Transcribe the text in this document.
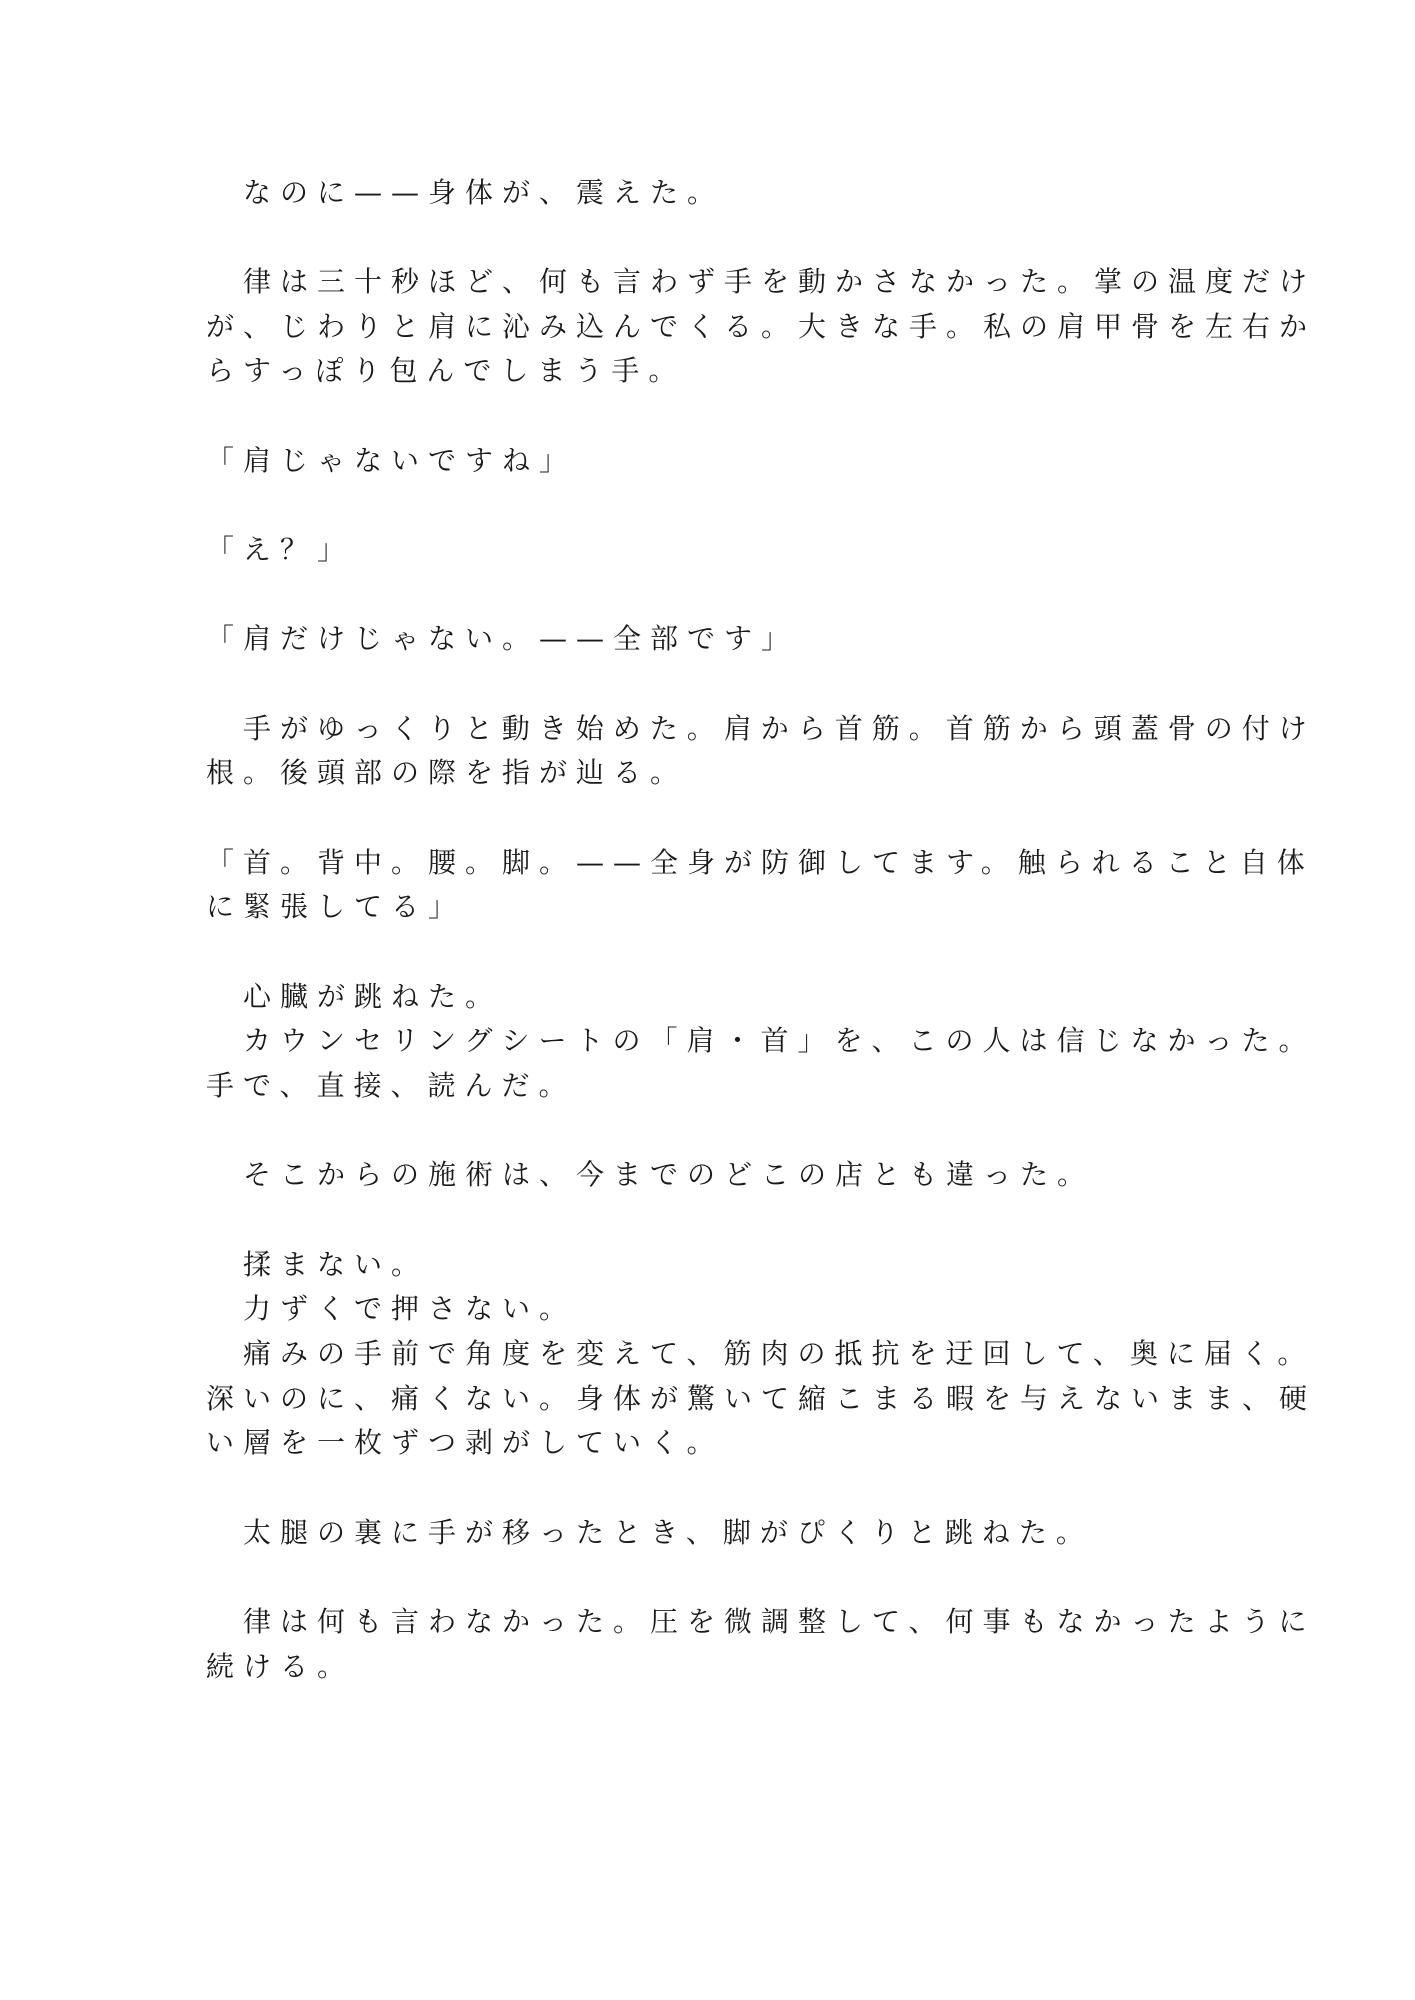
　なのに——身体が、震えた。
　律は三十秒ほど、何も言わず手を動かさなかった。掌の温度だけ
が、じわりと肩に沁み込んでくる。大きな手。私の肩甲骨を左右か
らすっぽり包んでしまう手。
「肩じゃないですね」
「え？」
「肩だけじゃない。——全部です」
　手がゆっくりと動き始めた。肩から首筋。首筋から頭蓋骨の付け
根。後頭部の際を指が辿る。
「首。背中。腰。脚。——全身が防御してます。触られること自体
に緊張してる」
　心臓が跳ねた。
　カウンセリングシートの「肩・首」を、この人は信じなかった。
手で、直接、読んだ。
　そこからの施術は、今までのどこの店とも違った。
　揉まない。
　力ずくで押さない。
　痛みの手前で角度を変えて、筋肉の抵抗を迂回して、奥に届く。
深いのに、痛くない。身体が驚いて縮こまる暇を与えないまま、硬
い層を一枚ずつ剥がしていく。
　太腿の裏に手が移ったとき、脚がぴくりと跳ねた。
　律は何も言わなかった。圧を微調整して、何事もなかったように
続ける。
